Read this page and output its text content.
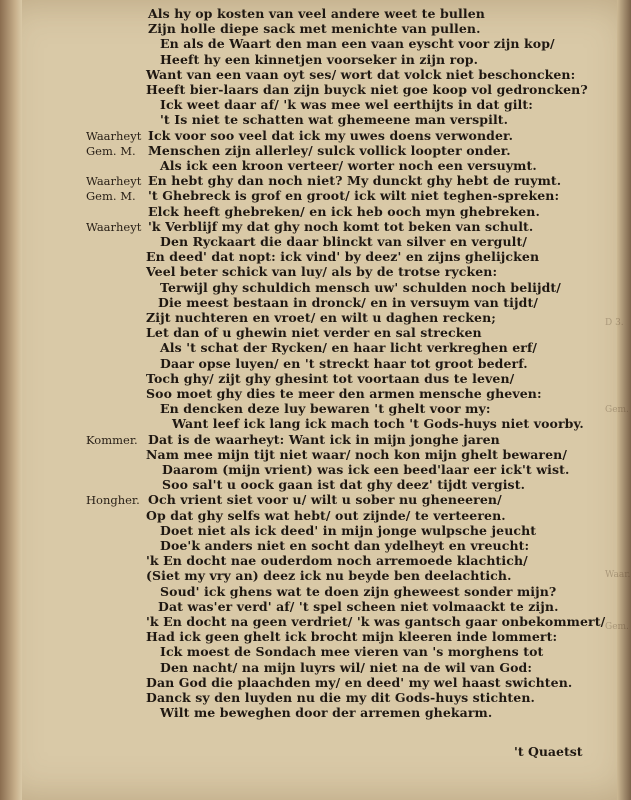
D 3.
Gem.
Waar.
Gem.
Als hy op kosten van veel andere weet te bullen
Zijn holle diepe sack met menichte van pullen.
En als de Waart den man een vaan eyscht voor zijn kop/
Heeft hy een kinnetjen voorseker in zijn rop.
Want van een vaan oyt ses/ wort dat volck niet beschoncken:
Heeft bier-laars dan zijn buyck niet goe koop vol gedroncken?
Ick weet daar af/ 'k was mee wel eerthijts in dat gilt:
't Is niet te schatten wat ghemeene man verspilt.
Waarheyt Ick voor soo veel dat ick my uwes doens verwonder.
Gem. M. Menschen zijn allerley/ sulck vollick loopter onder.
Als ick een kroon verteer/ worter noch een versuymt.
Waarheyt En hebt ghy dan noch niet? My dunckt ghy hebt de ruymt.
Gem. M. 't Ghebreck is grof en groot/ ick wilt niet teghen-spreken:
Elck heeft ghebreken/ en ick heb ooch myn ghebreken.
Waarheyt 'k Verblijf my dat ghy noch komt tot beken van schult.
Den Ryckaart die daar blinckt van silver en vergult/
En deed' dat nopt: ick vind' by deez' en zijns ghelijcken
Veel beter schick van luy/ als by de trotse rycken:
Terwijl ghy schuldich mensch uw' schulden noch belijdt/
Die meest bestaan in dronck/ en in versuym van tijdt/
Zijt nuchteren en vroet/ en wilt u daghen recken;
Let dan of u ghewin niet verder en sal strecken
Als 't schat der Rycken/ en haar licht verkreghen erf/
Daar opse luyen/ en 't streckt haar tot groot bederf.
Toch ghy/ zijt ghy ghesint tot voortaan dus te leven/
Soo moet ghy dies te meer den armen mensche gheven:
En dencken deze luy bewaren 't ghelt voor my:
Want leef ick lang ick mach toch 't Gods-huys niet voorby.
Kommer. Dat is de waarheyt: Want ick in mijn jonghe jaren
Nam mee mijn tijt niet waar/ noch kon mijn ghelt bewaren/
Daarom (mijn vrient) was ick een beed'laar eer ick't wist.
Soo sal't u oock gaan ist dat ghy deez' tijdt vergist.
Hongher. Och vrient siet voor u/ wilt u sober nu gheneeren/
Op dat ghy selfs wat hebt/ out zijnde/ te verteeren.
Doet niet als ick deed' in mijn jonge wulpsche jeucht
Doe'k anders niet en socht dan ydelheyt en vreucht:
'k En docht nae ouderdom noch arremoede klachtich/
(Siet my vry an) deez ick nu beyde ben deelachtich.
Soud' ick ghens wat te doen zijn gheweest sonder mijn?
Dat was'er verd' af/ 't spel scheen niet volmaackt te zijn.
'k En docht na geen verdriet/ 'k was gantsch gaar onbekommert/
Had ick geen ghelt ick brocht mijn kleeren inde lommert:
Ick moest de Sondach mee vieren van 's morghens tot
Den nacht/ na mijn luyrs wil/ niet na de wil van God:
Dan God die plaachden my/ en deed' my wel haast swichten.
Danck sy den luyden nu die my dit Gods-huys stichten.
Wilt me beweghen door der arremen ghekarm.
't Quaetst
